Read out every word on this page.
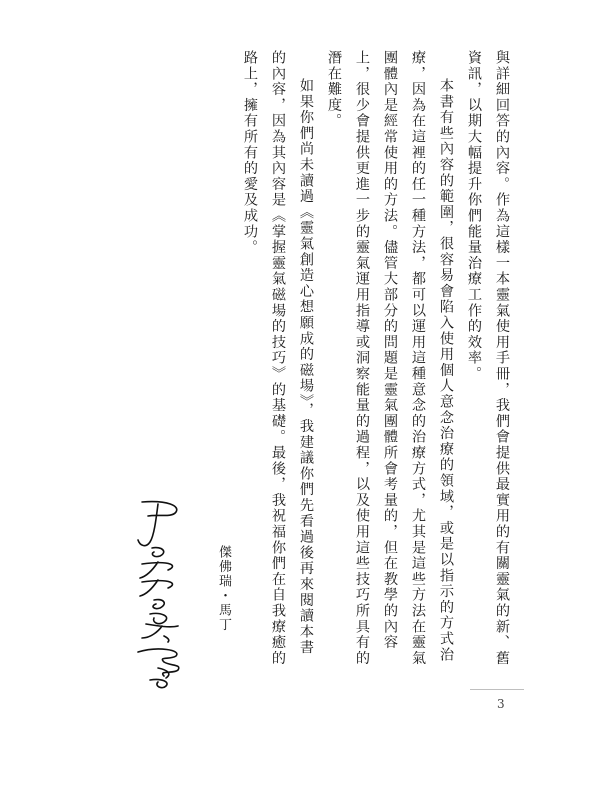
與詳細回答的內容。作為這樣一本靈氣使用手冊，我們會提供最實用的有關靈氣的新、舊資訊，以期大幅提升你們能量治療工作的效率。

本書有些內容的範圍，很容易會陷入使用個人意念治療的領域，或是以指示的方式治療，因為在這裡的任一種方法，都可以運用這種意念的治療方式，尤其是這些方法在靈氣團體內是經常使用的方法。儘管大部分的問題是靈氣團體所會考量的，但在教學的內容上，很少會提供更進一步的靈氣運用指導或洞察能量的過程，以及使用這些技巧所具有的潛在難度。

如果你們尚未讀過《靈氣創造心想願成的磁場》，我建議你們先看過後再來閱讀本書的內容，因為其內容是《掌握靈氣磁場的技巧》的基礎。最後，我祝福你們在自我療癒的路上，擁有所有的愛及成功。

傑佛瑞・馬丁
3
